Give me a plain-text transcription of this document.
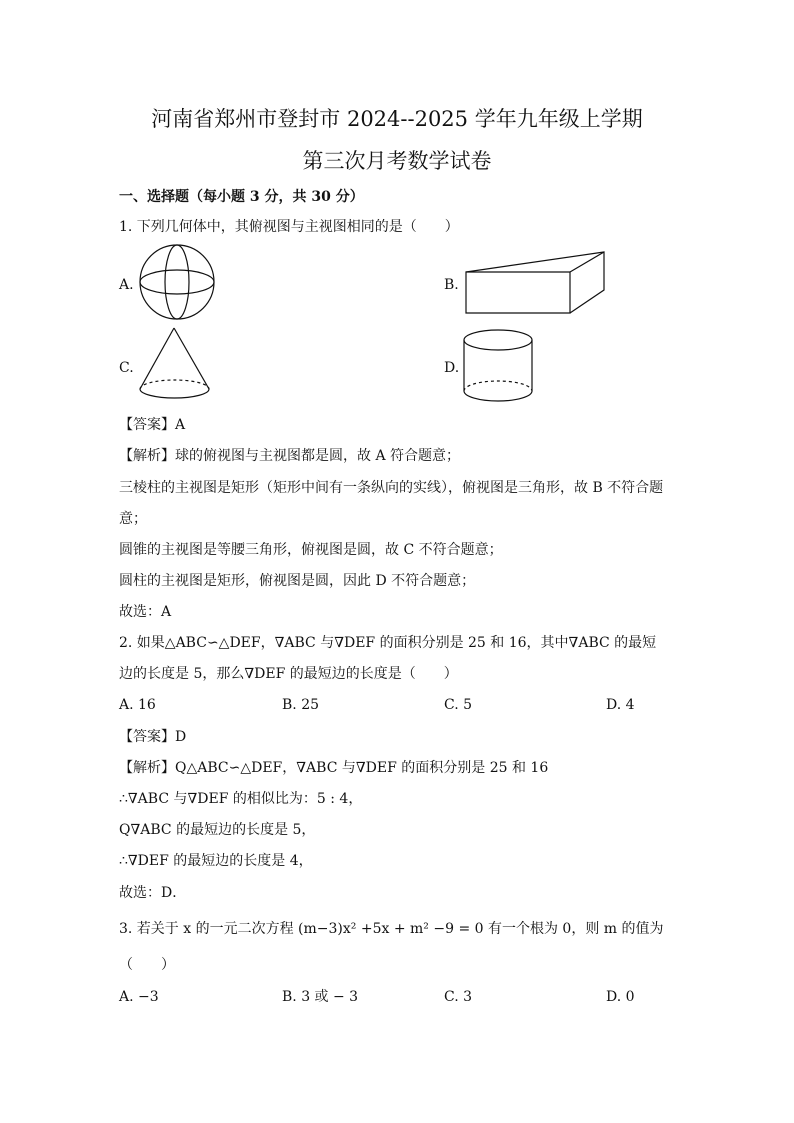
河南省郑州市登封市 2024--2025 学年九年级上学期
第三次月考数学试卷
一、选择题（每小题 3 分，共 30 分）
1. 下列几何体中，其俯视图与主视图相同的是（　　）
A.	B.
C.	D.
【答案】A
【解析】球的俯视图与主视图都是圆，故 A 符合题意；
三棱柱的主视图是矩形（矩形中间有一条纵向的实线），俯视图是三角形，故 B 不符合题
意；
圆锥的主视图是等腰三角形，俯视图是圆，故 C 不符合题意；
圆柱的主视图是矩形，俯视图是圆，因此 D 不符合题意；
故选：A
2. 如果△ABC∽△DEF，∇ABC 与∇DEF 的面积分别是 25 和 16，其中∇ABC 的最短
边的长度是 5，那么∇DEF 的最短边的长度是（　　）
A. 16	B. 25	C. 5	D. 4
【答案】D
【解析】Q△ABC∽△DEF，∇ABC 与∇DEF 的面积分别是 25 和 16
∴∇ABC 与∇DEF 的相似比为：5 : 4，
Q∇ABC 的最短边的长度是 5，
∴∇DEF 的最短边的长度是 4，
故选：D．
3. 若关于 x 的一元二次方程 (m−3)x² +5x + m² −9 = 0 有一个根为 0，则 m 的值为
（　　）
A. −3	B. 3 或 − 3	C. 3	D. 0
